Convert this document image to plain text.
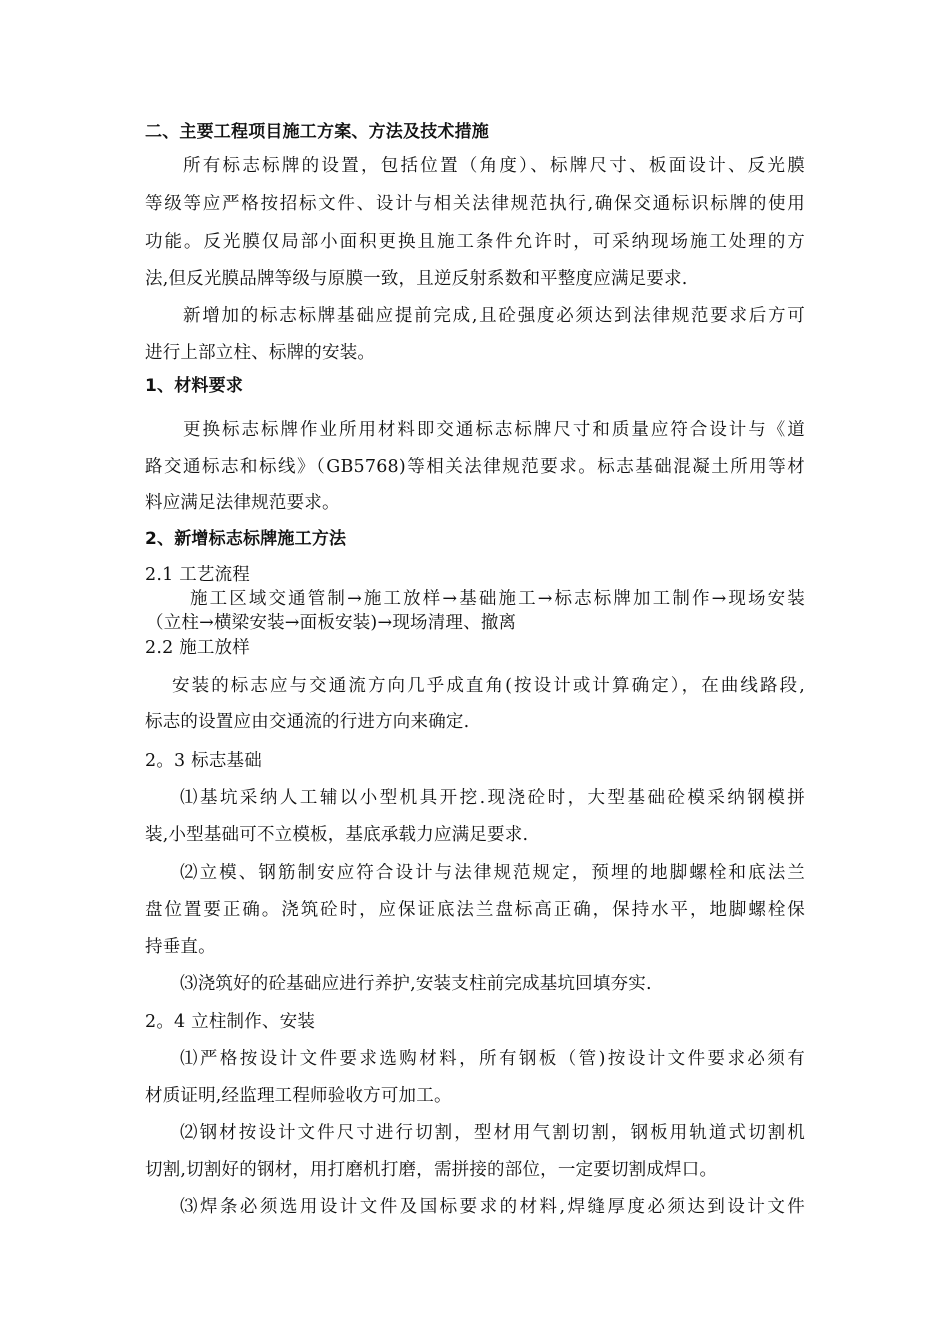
二、主要工程项目施工方案、方法及技术措施
所有标志标牌的设置，包括位置（角度）、标牌尺寸、板面设计、反光膜
等级等应严格按招标文件、设计与相关法律规范执行,确保交通标识标牌的使用
功能。反光膜仅局部小面积更换且施工条件允许时，可采纳现场施工处理的方
法,但反光膜品牌等级与原膜一致，且逆反射系数和平整度应满足要求.
新增加的标志标牌基础应提前完成,且砼强度必须达到法律规范要求后方可
进行上部立柱、标牌的安装。
1、材料要求
更换标志标牌作业所用材料即交通标志标牌尺寸和质量应符合设计与《道
路交通标志和标线》（GB5768)等相关法律规范要求。标志基础混凝土所用等材
料应满足法律规范要求。
2、新增标志标牌施工方法
2.1 工艺流程
施工区域交通管制→施工放样→基础施工→标志标牌加工制作→现场安装
（立柱→横梁安装→面板安装)→现场清理、撤离
2.2 施工放样
安装的标志应与交通流方向几乎成直角(按设计或计算确定），在曲线路段,
标志的设置应由交通流的行进方向来确定.
2。3 标志基础
⑴基坑采纳人工辅以小型机具开挖.现浇砼时，大型基础砼模采纳钢模拼
装,小型基础可不立模板，基底承载力应满足要求.
⑵立模、钢筋制安应符合设计与法律规范规定，预埋的地脚螺栓和底法兰
盘位置要正确。浇筑砼时，应保证底法兰盘标高正确，保持水平，地脚螺栓保
持垂直。
⑶浇筑好的砼基础应进行养护,安装支柱前完成基坑回填夯实.
2。4 立柱制作、安装
⑴严格按设计文件要求选购材料，所有钢板（管)按设计文件要求必须有
材质证明,经监理工程师验收方可加工。
⑵钢材按设计文件尺寸进行切割，型材用气割切割，钢板用轨道式切割机
切割,切割好的钢材，用打磨机打磨，需拼接的部位，一定要切割成焊口。
⑶焊条必须选用设计文件及国标要求的材料,焊缝厚度必须达到设计文件
